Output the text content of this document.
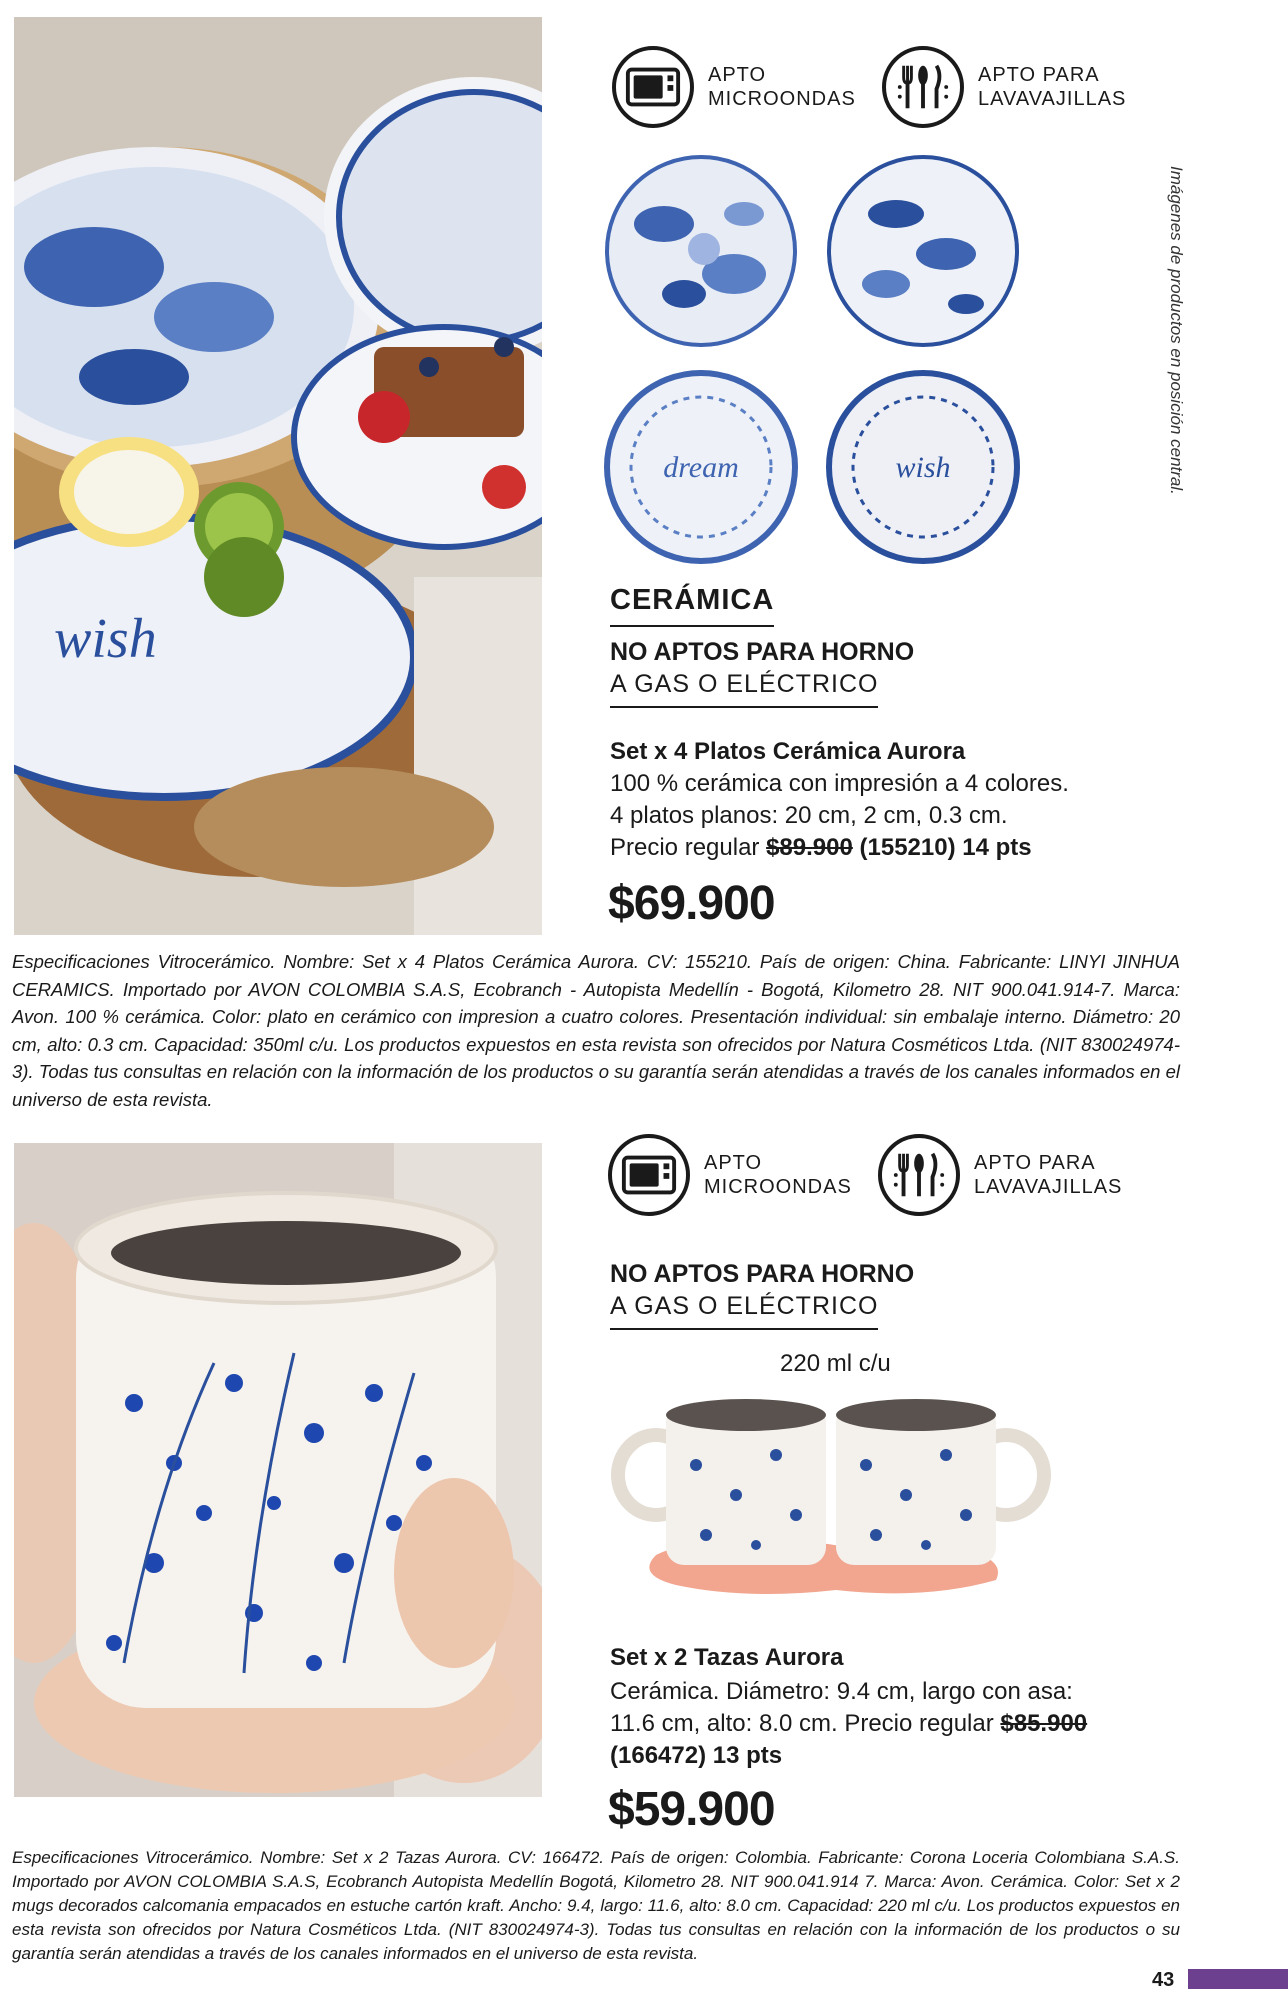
wish
APTO
MICROONDAS
APTO PARA
LAVAVAJILLAS
dream	wish	Imágenes de productos en posición central.
CERÁMICA
NO APTOS PARA HORNO
A GAS O ELÉCTRICO
Set x 4 Platos Cerámica Aurora
100 % cerámica con impresión a 4 colores.
4 platos planos: 20 cm, 2 cm, 0.3 cm.
Precio regular $89.900 (155210) 14 pts
$69.900
Especificaciones Vitrocerámico. Nombre: Set x 4 Platos Cerámica Aurora. CV: 155210. País de origen: China. Fabricante: LINYI JINHUA CERAMICS. Importado por AVON COLOMBIA S.A.S, Ecobranch - Autopista Medellín - Bogotá, Kilometro 28. NIT 900.041.914-7. Marca: Avon. 100 % cerámica. Color: plato en cerámico con impresion a cuatro colores. Presentación individual: sin embalaje interno. Diámetro: 20 cm, alto: 0.3 cm. Capacidad: 350ml c/u. Los productos expuestos en esta revista son ofrecidos por Natura Cosméticos Ltda. (NIT 830024974-3). Todas tus consultas en relación con la información de los productos o su garantía serán atendidas a través de los canales informados en el universo de esta revista.
APTO
MICROONDAS
APTO PARA
LAVAVAJILLAS
NO APTOS PARA HORNO
A GAS O ELÉCTRICO
220 ml c/u
Set x 2 Tazas Aurora
Cerámica. Diámetro: 9.4 cm, largo con asa:
11.6 cm, alto: 8.0 cm. Precio regular $85.900
(166472) 13 pts
$59.900
Especificaciones Vitrocerámico. Nombre: Set x 2 Tazas Aurora. CV: 166472. País de origen: Colombia. Fabricante: Corona Loceria Colombiana S.A.S. Importado por AVON COLOMBIA S.A.S, Ecobranch Autopista Medellín Bogotá, Kilometro 28. NIT 900.041.914 7. Marca: Avon. Cerámica. Color: Set x 2 mugs decorados calcomania empacados en estuche cartón kraft. Ancho: 9.4, largo: 11.6, alto: 8.0 cm. Capacidad: 220 ml c/u. Los productos expuestos en esta revista son ofrecidos por Natura Cosméticos Ltda. (NIT 830024974-3). Todas tus consultas en relación con la información de los productos o su garantía serán atendidas a través de los canales informados en el universo de esta revista.
43
